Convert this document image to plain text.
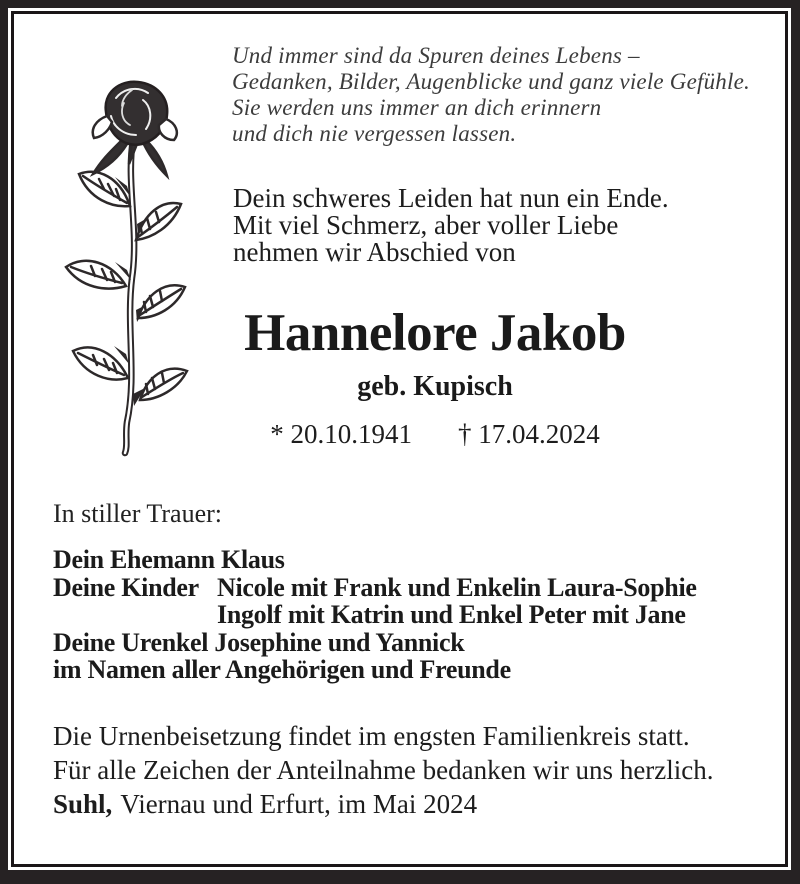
Und immer sind da Spuren deines Lebens –
Gedanken, Bilder, Augenblicke und ganz viele Gefühle.
Sie werden uns immer an dich erinnern
und dich nie vergessen lassen.
Dein schweres Leiden hat nun ein Ende.
Mit viel Schmerz, aber voller Liebe
nehmen wir Abschied von
Hannelore Jakob
geb. Kupisch
* 20.10.1941 † 17.04.2024
In stiller Trauer:
Dein Ehemann Klaus
Deine Kinder Nicole mit Frank und Enkelin Laura-Sophie
Ingolf mit Katrin und Enkel Peter mit Jane
Deine Urenkel Josephine und Yannick
im Namen aller Angehörigen und Freunde
Die Urnenbeisetzung findet im engsten Familienkreis statt.
Für alle Zeichen der Anteilnahme bedanken wir uns herzlich.
Suhl, Viernau und Erfurt, im Mai 2024
